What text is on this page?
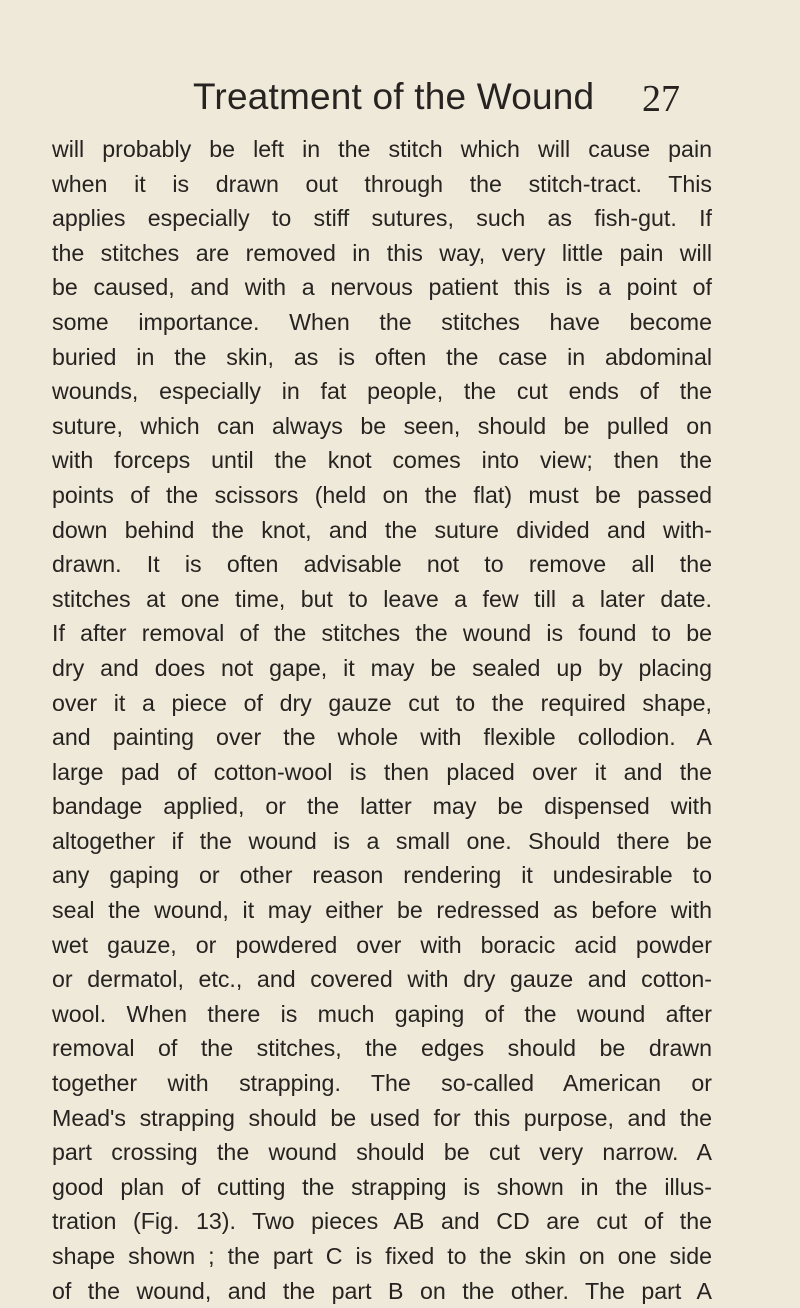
Treatment of the Wound 27
will probably be left in the stitch which will cause pain
when it is drawn out through the stitch-tract. This
applies especially to stiff sutures, such as fish-gut. If
the stitches are removed in this way, very little pain will
be caused, and with a nervous patient this is a point of
some importance. When the stitches have become
buried in the skin, as is often the case in abdominal
wounds, especially in fat people, the cut ends of the
suture, which can always be seen, should be pulled on
with forceps until the knot comes into view; then the
points of the scissors (held on the flat) must be passed
down behind the knot, and the suture divided and with-
drawn. It is often advisable not to remove all the
stitches at one time, but to leave a few till a later date.
If after removal of the stitches the wound is found to be
dry and does not gape, it may be sealed up by placing
over it a piece of dry gauze cut to the required shape,
and painting over the whole with flexible collodion. A
large pad of cotton-wool is then placed over it and the
bandage applied, or the latter may be dispensed with
altogether if the wound is a small one. Should there be
any gaping or other reason rendering it undesirable to
seal the wound, it may either be redressed as before with
wet gauze, or powdered over with boracic acid powder
or dermatol, etc., and covered with dry gauze and cotton-
wool. When there is much gaping of the wound after
removal of the stitches, the edges should be drawn
together with strapping. The so-called American or
Mead's strapping should be used for this purpose, and the
part crossing the wound should be cut very narrow. A
good plan of cutting the strapping is shown in the illus-
tration (Fig. 13). Two pieces AB and CD are cut of the
shape shown ; the part C is fixed to the skin on one side
of the wound, and the part B on the other. The part A
